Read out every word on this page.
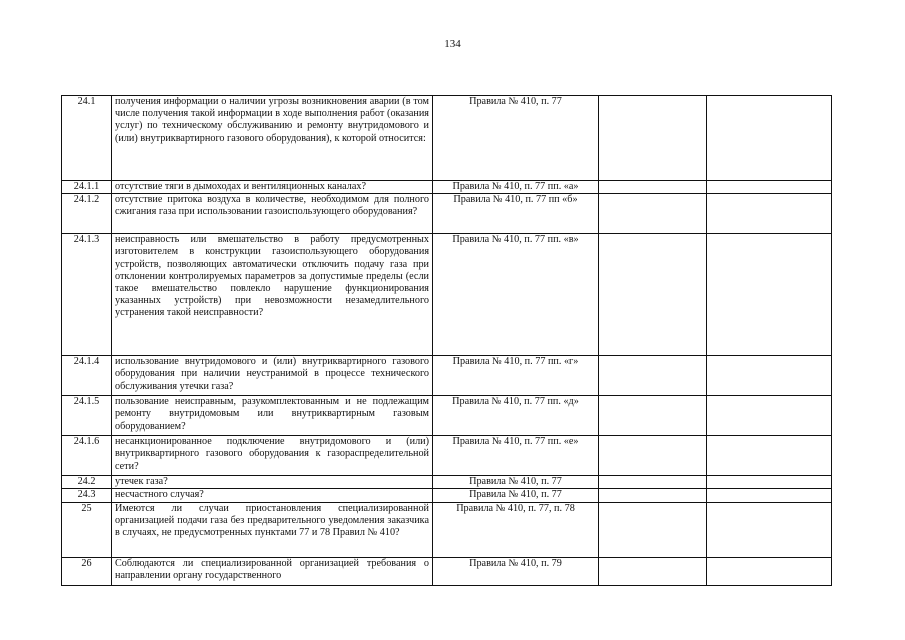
134
24.1	получения информации о наличии угрозы возникновения аварии (в том числе получения такой информации в ходе выполнения работ (оказания услуг) по техническому обслуживанию и ремонту внутридомового и (или) внутриквартирного газового оборудования), к которой относится:	Правила № 410, п. 77		
24.1.1	отсутствие тяги в дымоходах и вентиляционных каналах?	Правила № 410, п. 77 пп. «а»		
24.1.2	отсутствие притока воздуха в количестве, необходимом для полного сжигания газа при использовании газоиспользующего оборудования?	Правила № 410, п. 77 пп «б»		
24.1.3	неисправность или вмешательство в работу предусмотренных изготовителем в конструкции газоиспользующего оборудования устройств, позволяющих автоматически отключить подачу газа при отклонении контролируемых параметров за допустимые пределы (если такое вмешательство повлекло нарушение функционирования указанных устройств) при невозможности незамедлительного устранения такой неисправности?	Правила № 410, п. 77 пп. «в»		
24.1.4	использование внутридомового и (или) внутриквартирного газового оборудования при наличии неустранимой в процессе технического обслуживания утечки газа?	Правила № 410, п. 77 пп. «г»		
24.1.5	пользование неисправным, разукомплектованным и не подлежащим ремонту внутридомовым или внутриквартирным газовым оборудованием?	Правила № 410, п. 77 пп. «д»		
24.1.6	несанкционированное подключение внутридомового и (или) внутриквартирного газового оборудования к газораспределительной сети?	Правила № 410, п. 77 пп. «е»		
24.2	утечек газа?	Правила № 410, п. 77		
24.3	несчастного случая?	Правила № 410, п. 77		
25	Имеются ли случаи приостановления специализированной организацией подачи газа без предварительного уведомления заказчика в случаях, не предусмотренных пунктами 77 и 78 Правил № 410?	Правила № 410, п. 77, п. 78		
26	Соблюдаются ли специализированной организацией требования о направлении органу государственного	Правила № 410, п. 79		
